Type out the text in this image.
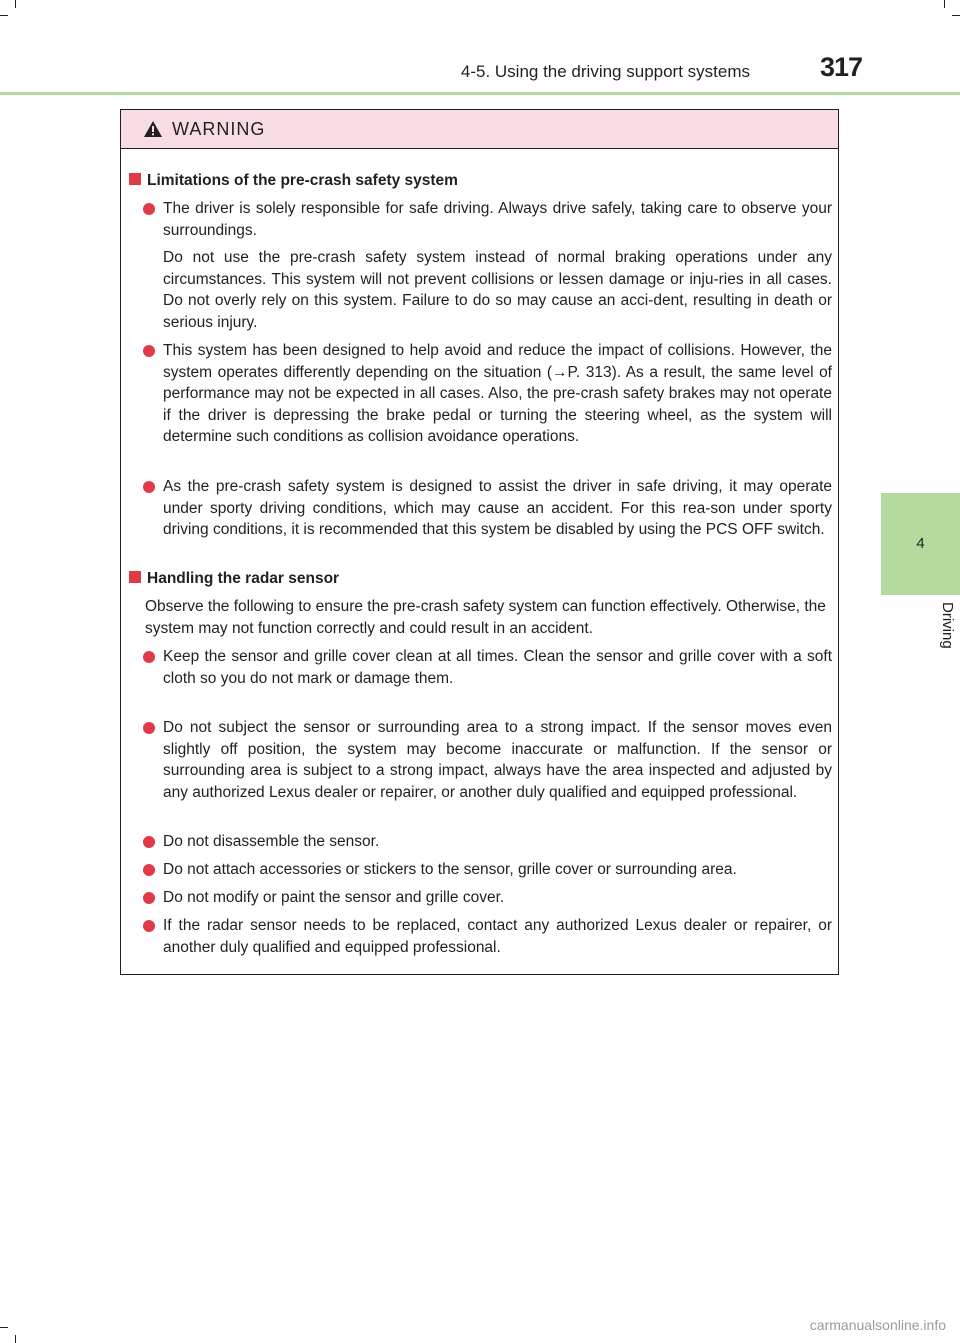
4-5. Using the driving support systems	317
4
Driving
WARNING
Limitations of the pre-crash safety system
The driver is solely responsible for safe driving. Always drive safely, taking care to observe your surroundings.
Do not use the pre-crash safety system instead of normal braking operations under any circumstances. This system will not prevent collisions or lessen damage or inju-ries in all cases. Do not overly rely on this system. Failure to do so may cause an acci-dent, resulting in death or serious injury.
This system has been designed to help avoid and reduce the impact of collisions. However, the system operates differently depending on the situation (→P. 313). As a result, the same level of performance may not be expected in all cases. Also, the pre-crash safety brakes may not operate if the driver is depressing the brake pedal or turning the steering wheel, as the system will determine such conditions as collision avoidance operations.
As the pre-crash safety system is designed to assist the driver in safe driving, it may operate under sporty driving conditions, which may cause an accident. For this rea-son under sporty driving conditions, it is recommended that this system be disabled by using the PCS OFF switch.
Handling the radar sensor
Observe the following to ensure the pre-crash safety system can function effectively. Otherwise, the system may not function correctly and could result in an accident.
Keep the sensor and grille cover clean at all times. Clean the sensor and grille cover with a soft cloth so you do not mark or damage them.
Do not subject the sensor or surrounding area to a strong impact. If the sensor moves even slightly off position, the system may become inaccurate or malfunction. If the sensor or surrounding area is subject to a strong impact, always have the area inspected and adjusted by any authorized Lexus dealer or repairer, or another duly qualified and equipped professional.
Do not disassemble the sensor.
Do not attach accessories or stickers to the sensor, grille cover or surrounding area.
Do not modify or paint the sensor and grille cover.
If the radar sensor needs to be replaced, contact any authorized Lexus dealer or repairer, or another duly qualified and equipped professional.
carmanualsonline.info
